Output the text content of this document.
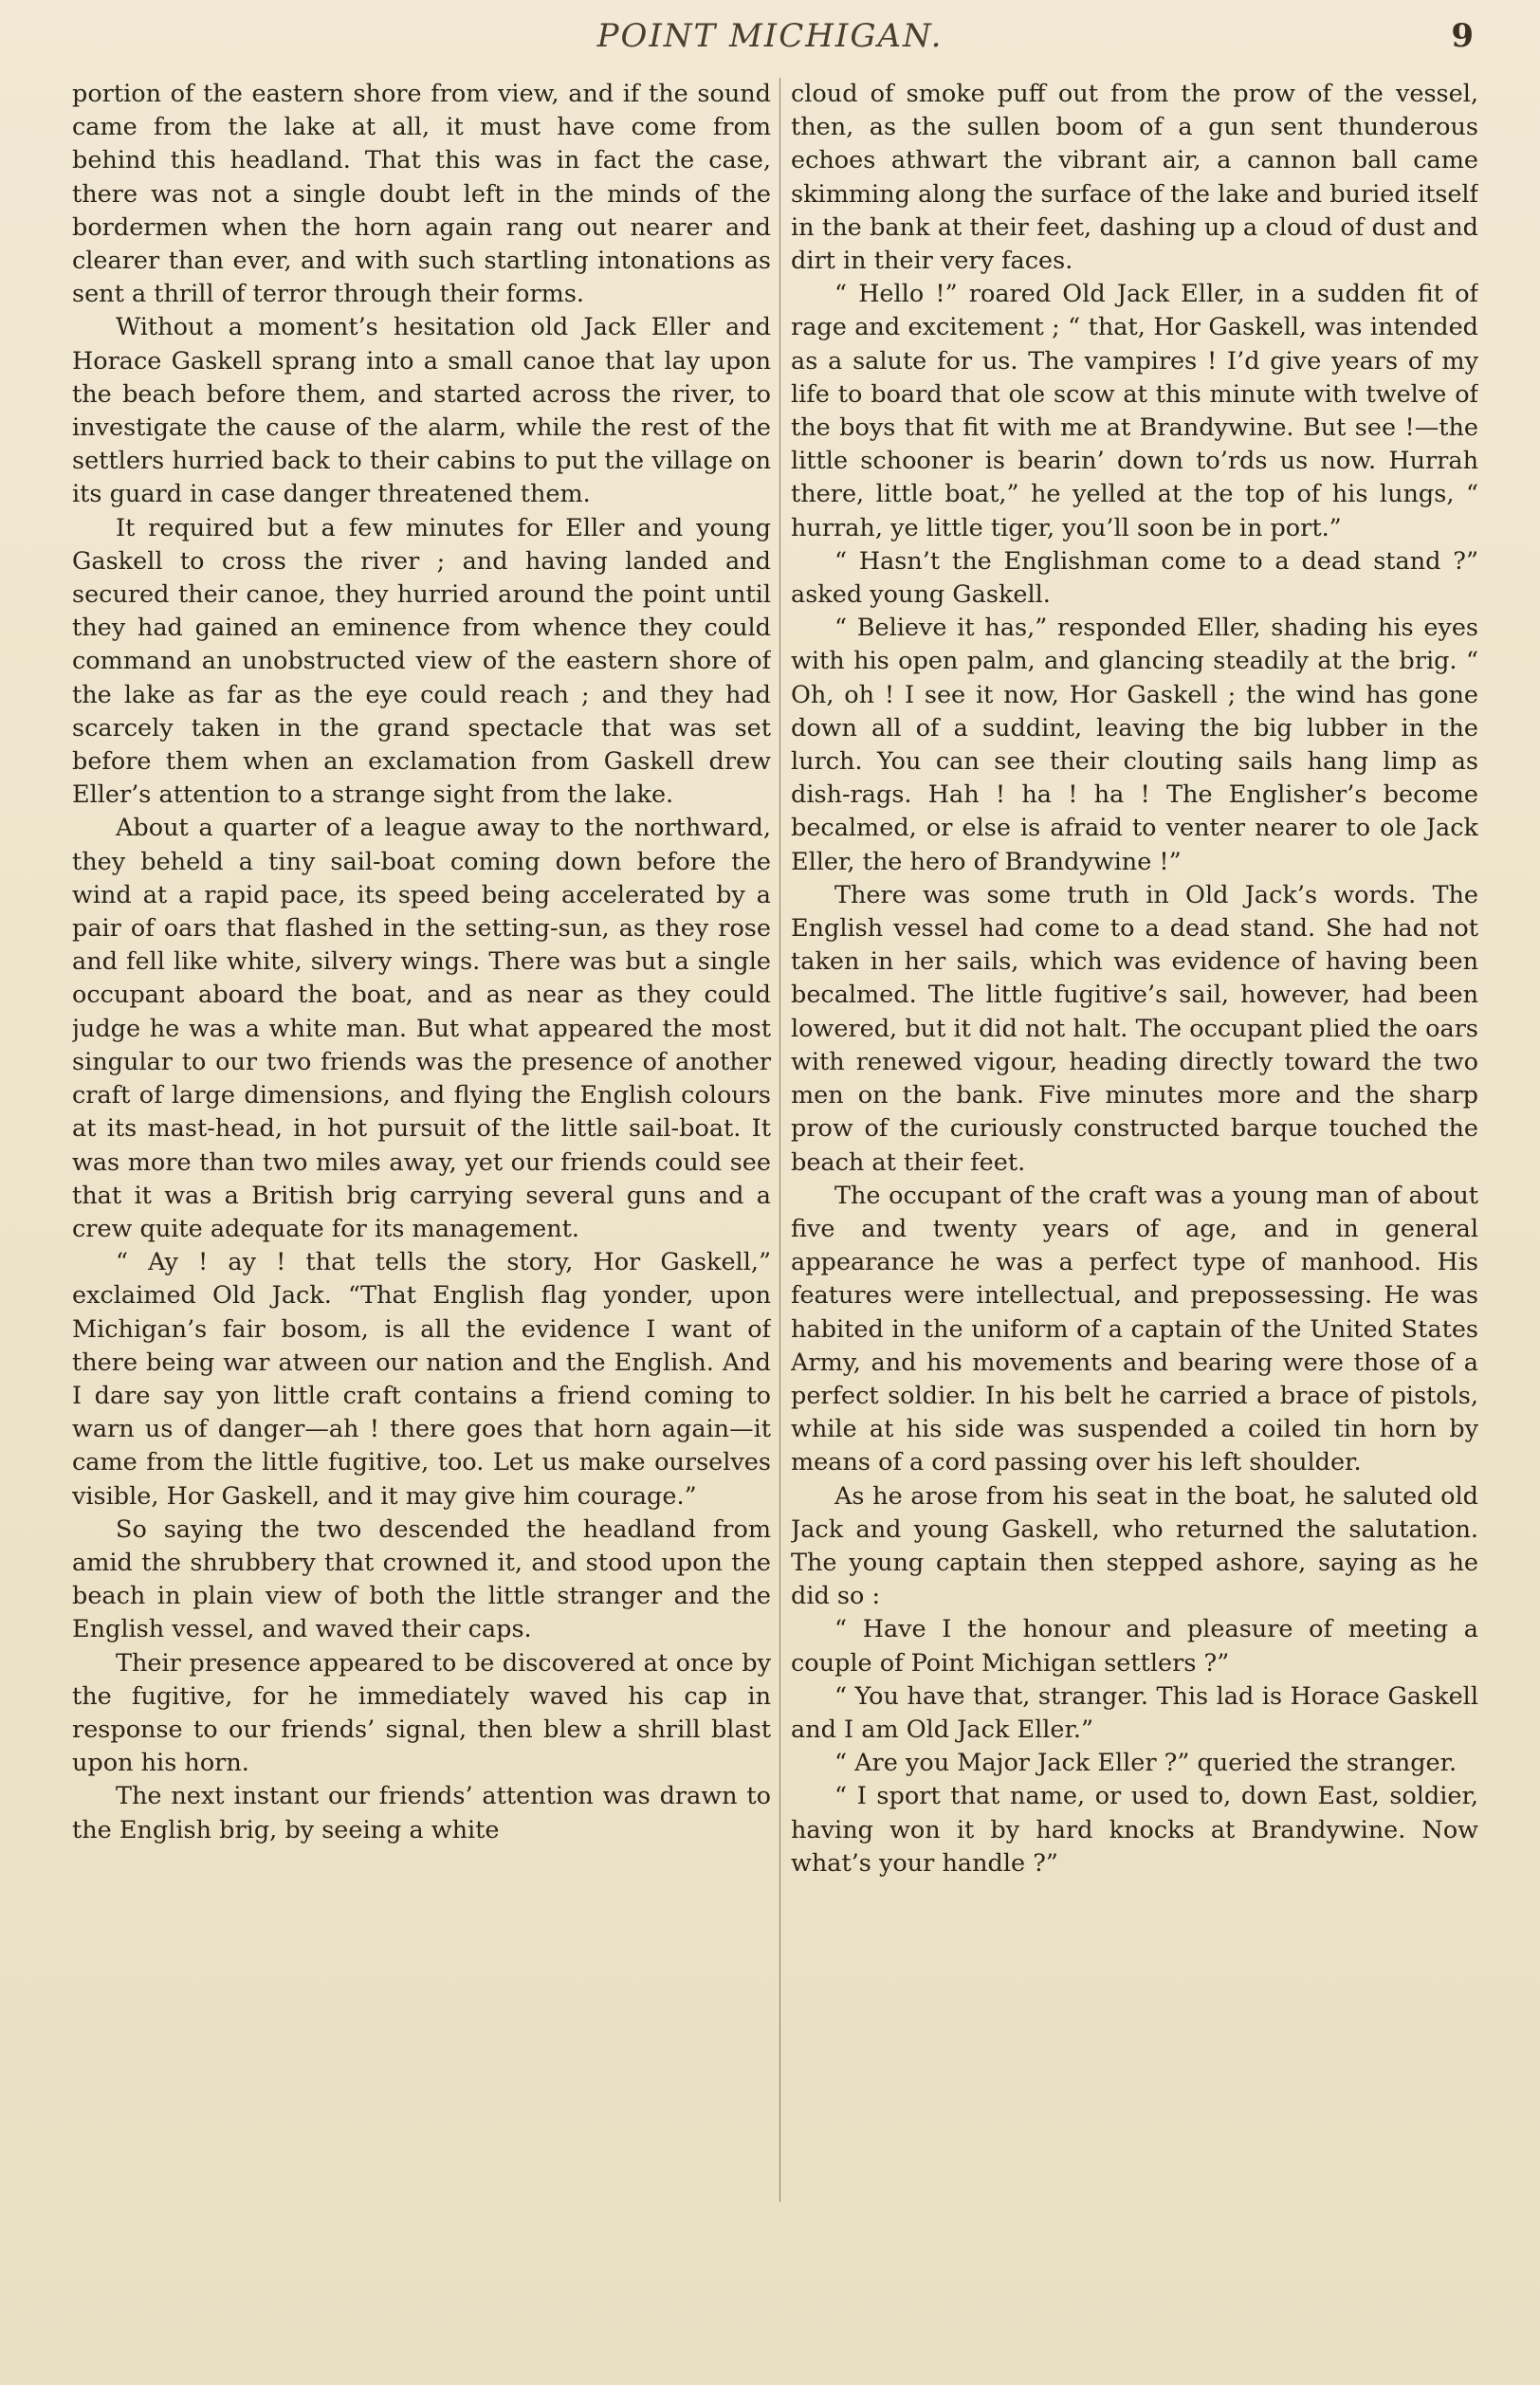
POINT MICHIGAN.	9

portion of the eastern shore from view, and if the sound came from the lake at all, it must have come from behind this headland. That this was in fact the case, there was not a single doubt left in the minds of the bordermen when the horn again rang out nearer and clearer than ever, and with such startling intonations as sent a thrill of terror through their forms.

Without a moment’s hesitation old Jack Eller and Horace Gaskell sprang into a small canoe that lay upon the beach before them, and started across the river, to investigate the cause of the alarm, while the rest of the settlers hurried back to their cabins to put the village on its guard in case danger threatened them.

It required but a few minutes for Eller and young Gaskell to cross the river ; and having landed and secured their canoe, they hurried around the point until they had gained an eminence from whence they could command an unobstructed view of the eastern shore of the lake as far as the eye could reach ; and they had scarcely taken in the grand spectacle that was set before them when an exclamation from Gaskell drew Eller’s attention to a strange sight from the lake.

About a quarter of a league away to the northward, they beheld a tiny sail-boat coming down before the wind at a rapid pace, its speed being accelerated by a pair of oars that flashed in the setting-sun, as they rose and fell like white, silvery wings. There was but a single occupant aboard the boat, and as near as they could judge he was a white man. But what appeared the most singular to our two friends was the presence of another craft of large dimensions, and flying the English colours at its mast-head, in hot pursuit of the little sail-boat. It was more than two miles away, yet our friends could see that it was a British brig carrying several guns and a crew quite adequate for its management.

“ Ay ! ay ! that tells the story, Hor Gaskell,” exclaimed Old Jack. “That English flag yonder, upon Michigan’s fair bosom, is all the evidence I want of there being war atween our nation and the English. And I dare say yon little craft contains a friend coming to warn us of danger—ah ! there goes that horn again—it came from the little fugitive, too. Let us make ourselves visible, Hor Gaskell, and it may give him courage.”

So saying the two descended the headland from amid the shrubbery that crowned it, and stood upon the beach in plain view of both the little stranger and the English vessel, and waved their caps.

Their presence appeared to be discovered at once by the fugitive, for he immediately waved his cap in response to our friends’ signal, then blew a shrill blast upon his horn.

The next instant our friends’ attention was drawn to the English brig, by seeing a white

cloud of smoke puff out from the prow of the vessel, then, as the sullen boom of a gun sent thunderous echoes athwart the vibrant air, a cannon ball came skimming along the surface of the lake and buried itself in the bank at their feet, dashing up a cloud of dust and dirt in their very faces.

“ Hello !” roared Old Jack Eller, in a sudden fit of rage and excitement ; “ that, Hor Gaskell, was intended as a salute for us. The vampires ! I’d give years of my life to board that ole scow at this minute with twelve of the boys that fit with me at Brandywine. But see !—the little schooner is bearin’ down to’rds us now. Hurrah there, little boat,” he yelled at the top of his lungs, “ hurrah, ye little tiger, you’ll soon be in port.”

“ Hasn’t the Englishman come to a dead stand ?” asked young Gaskell.

“ Believe it has,” responded Eller, shading his eyes with his open palm, and glancing steadily at the brig. “ Oh, oh ! I see it now, Hor Gaskell ; the wind has gone down all of a suddint, leaving the big lubber in the lurch. You can see their clouting sails hang limp as dish-rags. Hah ! ha ! ha ! The Englisher’s become becalmed, or else is afraid to venter nearer to ole Jack Eller, the hero of Brandywine !”

There was some truth in Old Jack’s words. The English vessel had come to a dead stand. She had not taken in her sails, which was evidence of having been becalmed. The little fugitive’s sail, however, had been lowered, but it did not halt. The occupant plied the oars with renewed vigour, heading directly toward the two men on the bank. Five minutes more and the sharp prow of the curiously constructed barque touched the beach at their feet.

The occupant of the craft was a young man of about five and twenty years of age, and in general appearance he was a perfect type of manhood. His features were intellectual, and prepossessing. He was habited in the uniform of a captain of the United States Army, and his movements and bearing were those of a perfect soldier. In his belt he carried a brace of pistols, while at his side was suspended a coiled tin horn by means of a cord passing over his left shoulder.

As he arose from his seat in the boat, he saluted old Jack and young Gaskell, who returned the salutation. The young captain then stepped ashore, saying as he did so :

“ Have I the honour and pleasure of meeting a couple of Point Michigan settlers ?”

“ You have that, stranger. This lad is Horace Gaskell and I am Old Jack Eller.”

“ Are you Major Jack Eller ?” queried the stranger.

“ I sport that name, or used to, down East, soldier, having won it by hard knocks at Brandywine. Now what’s your handle ?”
